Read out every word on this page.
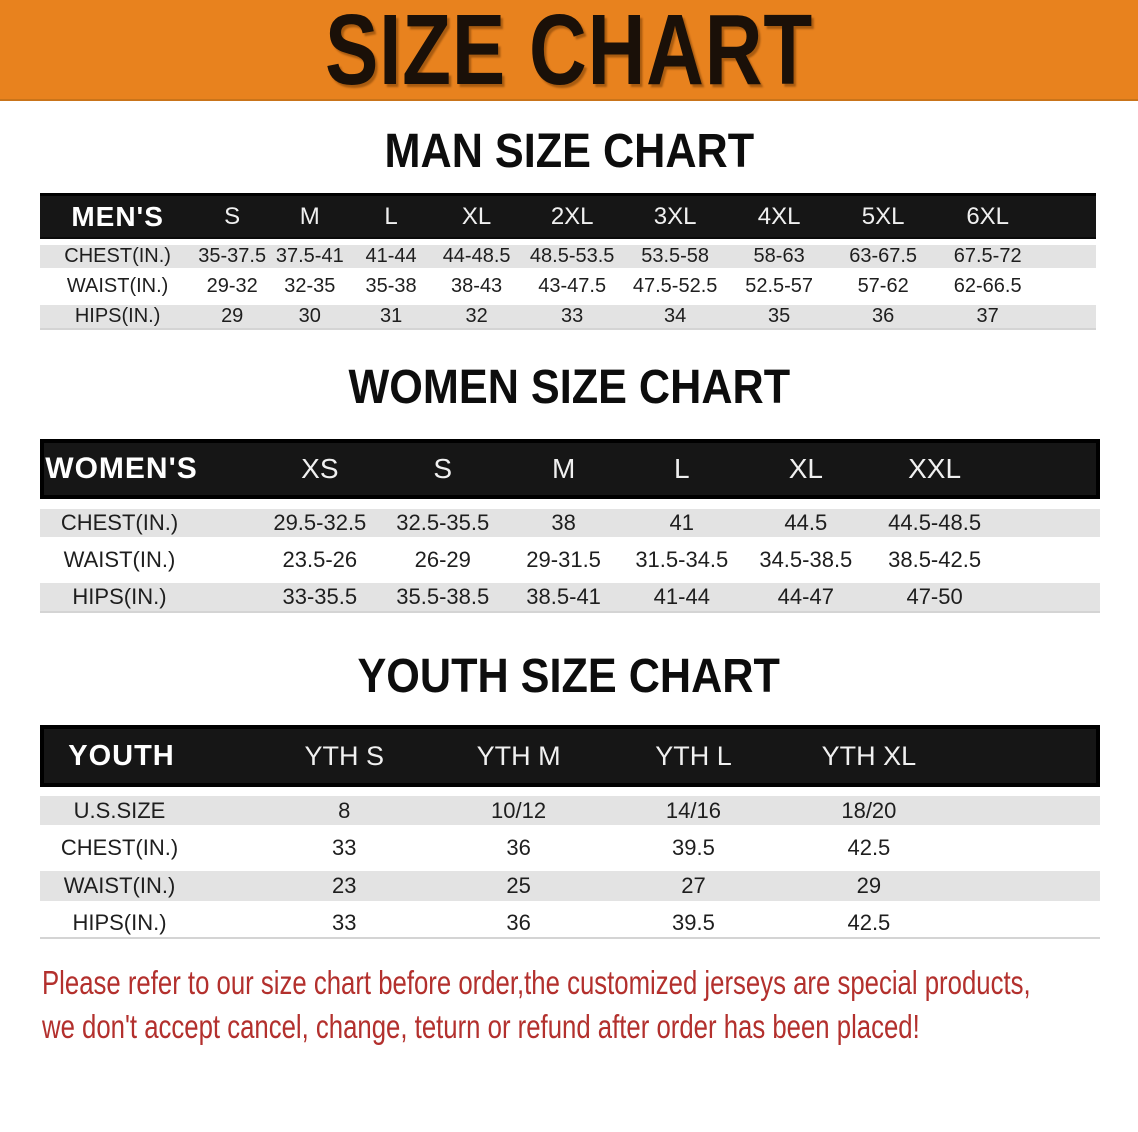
SIZE CHART
MAN SIZE CHART
MEN'S	S	M	L	XL	2XL	3XL	4XL	5XL	6XL	
CHEST(IN.)	35-37.5	37.5-41	41-44	44-48.5	48.5-53.5	53.5-58	58-63	63-67.5	67.5-72	
WAIST(IN.)	29-32	32-35	35-38	38-43	43-47.5	47.5-52.5	52.5-57	57-62	62-66.5	
HIPS(IN.)	29	30	31	32	33	34	35	36	37	
WOMEN SIZE CHART
WOMEN'S		XS	S	M	L	XL	XXL	
CHEST(IN.)		29.5-32.5	32.5-35.5	38	41	44.5	44.5-48.5	
WAIST(IN.)		23.5-26	26-29	29-31.5	31.5-34.5	34.5-38.5	38.5-42.5	
HIPS(IN.)		33-35.5	35.5-38.5	38.5-41	41-44	44-47	47-50	
YOUTH SIZE CHART
YOUTH		YTH S	YTH M	YTH L	YTH XL	
U.S.SIZE		8	10/12	14/16	18/20	
CHEST(IN.)		33	36	39.5	42.5	
WAIST(IN.)		23	25	27	29	
HIPS(IN.)		33	36	39.5	42.5	
Please refer to our size chart before order,the customized jerseys are special products,
we don't accept cancel, change, teturn or refund after order has been placed!
